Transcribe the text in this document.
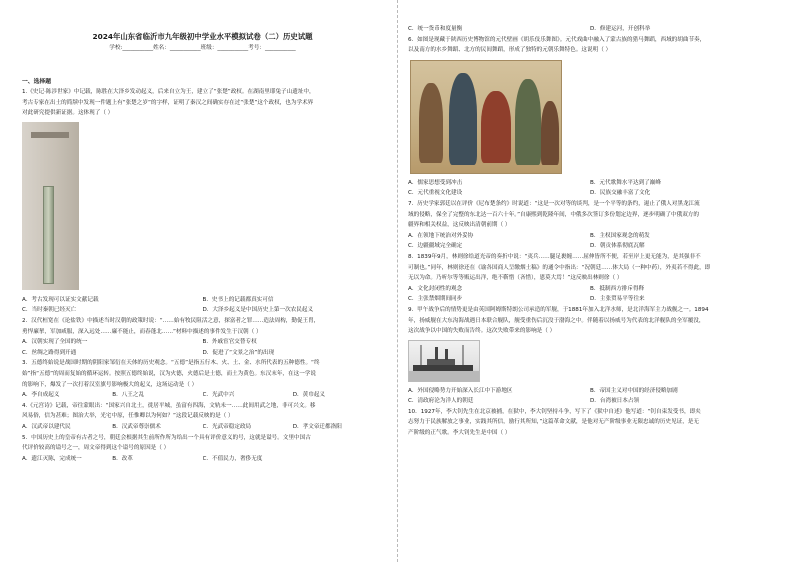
2024年山东省临沂市九年级初中学业水平模拟试卷（二）历史试题
学校:___________姓名：___________班级：___________考号：___________
一、选择题
1.《史记·陈涉世家》中记载，陈胜在大泽乡发动起义，后来自立为王，建立了“张楚”政权。在湖南里耶兔子山遗址中，
考古专家在出土的简牍中发现一件题上有“张楚之岁”的字样，证明了秦汉之间确实存在过“张楚”这个政权，也为学术界
对此研究提供新证据。这体现了（ ）
A．考古发现可以证实文献记载	B．史书上的记载都真实可信
C．当时秦朝已经灭亡	D．大泽乡起义是中国历史上第一次农民起义
2．汉代桓宽在《论盐铁》中描述当时汉朝的政策时说：“……始有牧民阻活之意，探富者之罪……造法周构，勤促王胄，
勇悍廉挈，军加咸服，深入远处……廉不能止，而春蓬北……”材料中描述的事件发生于汉朝（ ）
A．汉朝实现了全国的统一	B．外戚宦官交替专权
C．丝绸之路得到开通	D．促进了“文景之治”的出现
3．五德终始说是战国时期的阴阳家邹衍在天体的历史观念。“五德”是指五行木、火、土、金、水所代表的五种德性。“终
始”指“五德”的周而复始的循环运转。按照五德终始说，汉为火德，火德后是土德，而土为黄色。东汉末年，在这一学说
的影响下，爆发了一次打着汉室旗号影响极大的起义，这场运动是（ ）
A．李自成起义	B．八王之乱	C．光武中兴	D．黄巾起义
4.《元宫诗》记载，帝往蒙眼出：“国家兴自北土，徙居平城，虽富有四海，文轨未一……此间用武之地，非可兴文。移
风易俗，信为甚难；图治大举，光宅中原，任惟卿以为何如？”这段记载反映的是（ ）
A．汉武帝以建代民	B．汉武帝尊崇儒术	C．光武帝稳定政局	D．孝文帝迁都洛阳
5．中国历史上的皇帝有古者之号，朝廷会根据其生前所作所为给出一个具有评价意义的号，这就是谥号。文里中国古
代评价较高的谥号之一，周文帝得到这个谥号的原因是（ ）
A．遗江灭陈，完成统一	B．改革	C．不值民力，奢侈无度
C．统一货币和度量衡	D．修建运河，开创科举
6．如图是现藏于陕西历史博物馆的元代壁画《胡乐伎乐舞图》。元代戏曲中融入了蒙古族的猎马舞蹈，西域的胡曲节奏，
以及南方的水乡舞蹈、北方的民间舞蹈，形成了独特的元朝乐舞特色。这说明（ ）
A．儒家思想受到冲击	B．元代歌舞水平达到了巅峰
C．元代重视文化建设	D．民族交融丰富了文化
7．历史学家郭廷以在评价《尼布楚条约》时说道：“这是一次对等的谈判，是一个平等的条约，遏止了俄人对黑龙江流
域的侵略，保全了完整的东北达一百六十年。”自康熙到乾隆年间，中俄多次签订多份划定边界，逐步明确了中俄双方的
疆界和相关权益，这反映出清朝前期（ ）
A．在领地下统治对外妥协	B．主权国家观念的萌发
C．边疆疆域完全确定	D．朝贡体系彻底瓦解
8．1839年9月，林则徐给道光帝的奏折中说：“夷兵……腿足裹缠……屈伸皆所不便，若至岸上更无能为，是其强非不
可制也。”同年，林则徐还在《谕各国商人呈缴烟土稿》的通令中指出：“况朝廷……体大局（一种中药），外夷若不得此，即
无以为命。乃听尔等等贩运出洋，绝不靳惜（吝惜），恩莫大焉！”这反映出林则徐（ ）
A．文化封闭性的观念	B．抵制西方排斥得释
C．主张禁烟期间同步	D．主张贸易平等往来
9．甲午战争后的情势更是由英国阿姆斯特朗公司承造的军舰，于1881年加入北洋水师，是北洋海军主力战舰之一。1894
年，扬威舰在大东沟海战遇日本联合舰队，舰受重伤后沉没于渤海之中。伴随着以扬威号为代表的北洋舰队的全军覆没，
这次战争以中国的失败而告终。这次失败带来的影响是（ ）
A．外国侵略势力开始深入长江中下游地区	B．帝国主义对中国的经济侵略加剧
C．清政府沦为洋人的朝廷	D．台湾被日本占领
10．1927年，李大钊先生在北京被捕，在狱中，李大钊坚持斗争，写下了《狱中自述》他写道：“钊自束发受书，即夹
志努力于民族解放之事业，实践其所信，励行其所知，”这篇革命文献，是他对无产阶级事业无限忠诚的历史见证，是无
产阶级的正气歌。李大钊先生是中国（ ）
